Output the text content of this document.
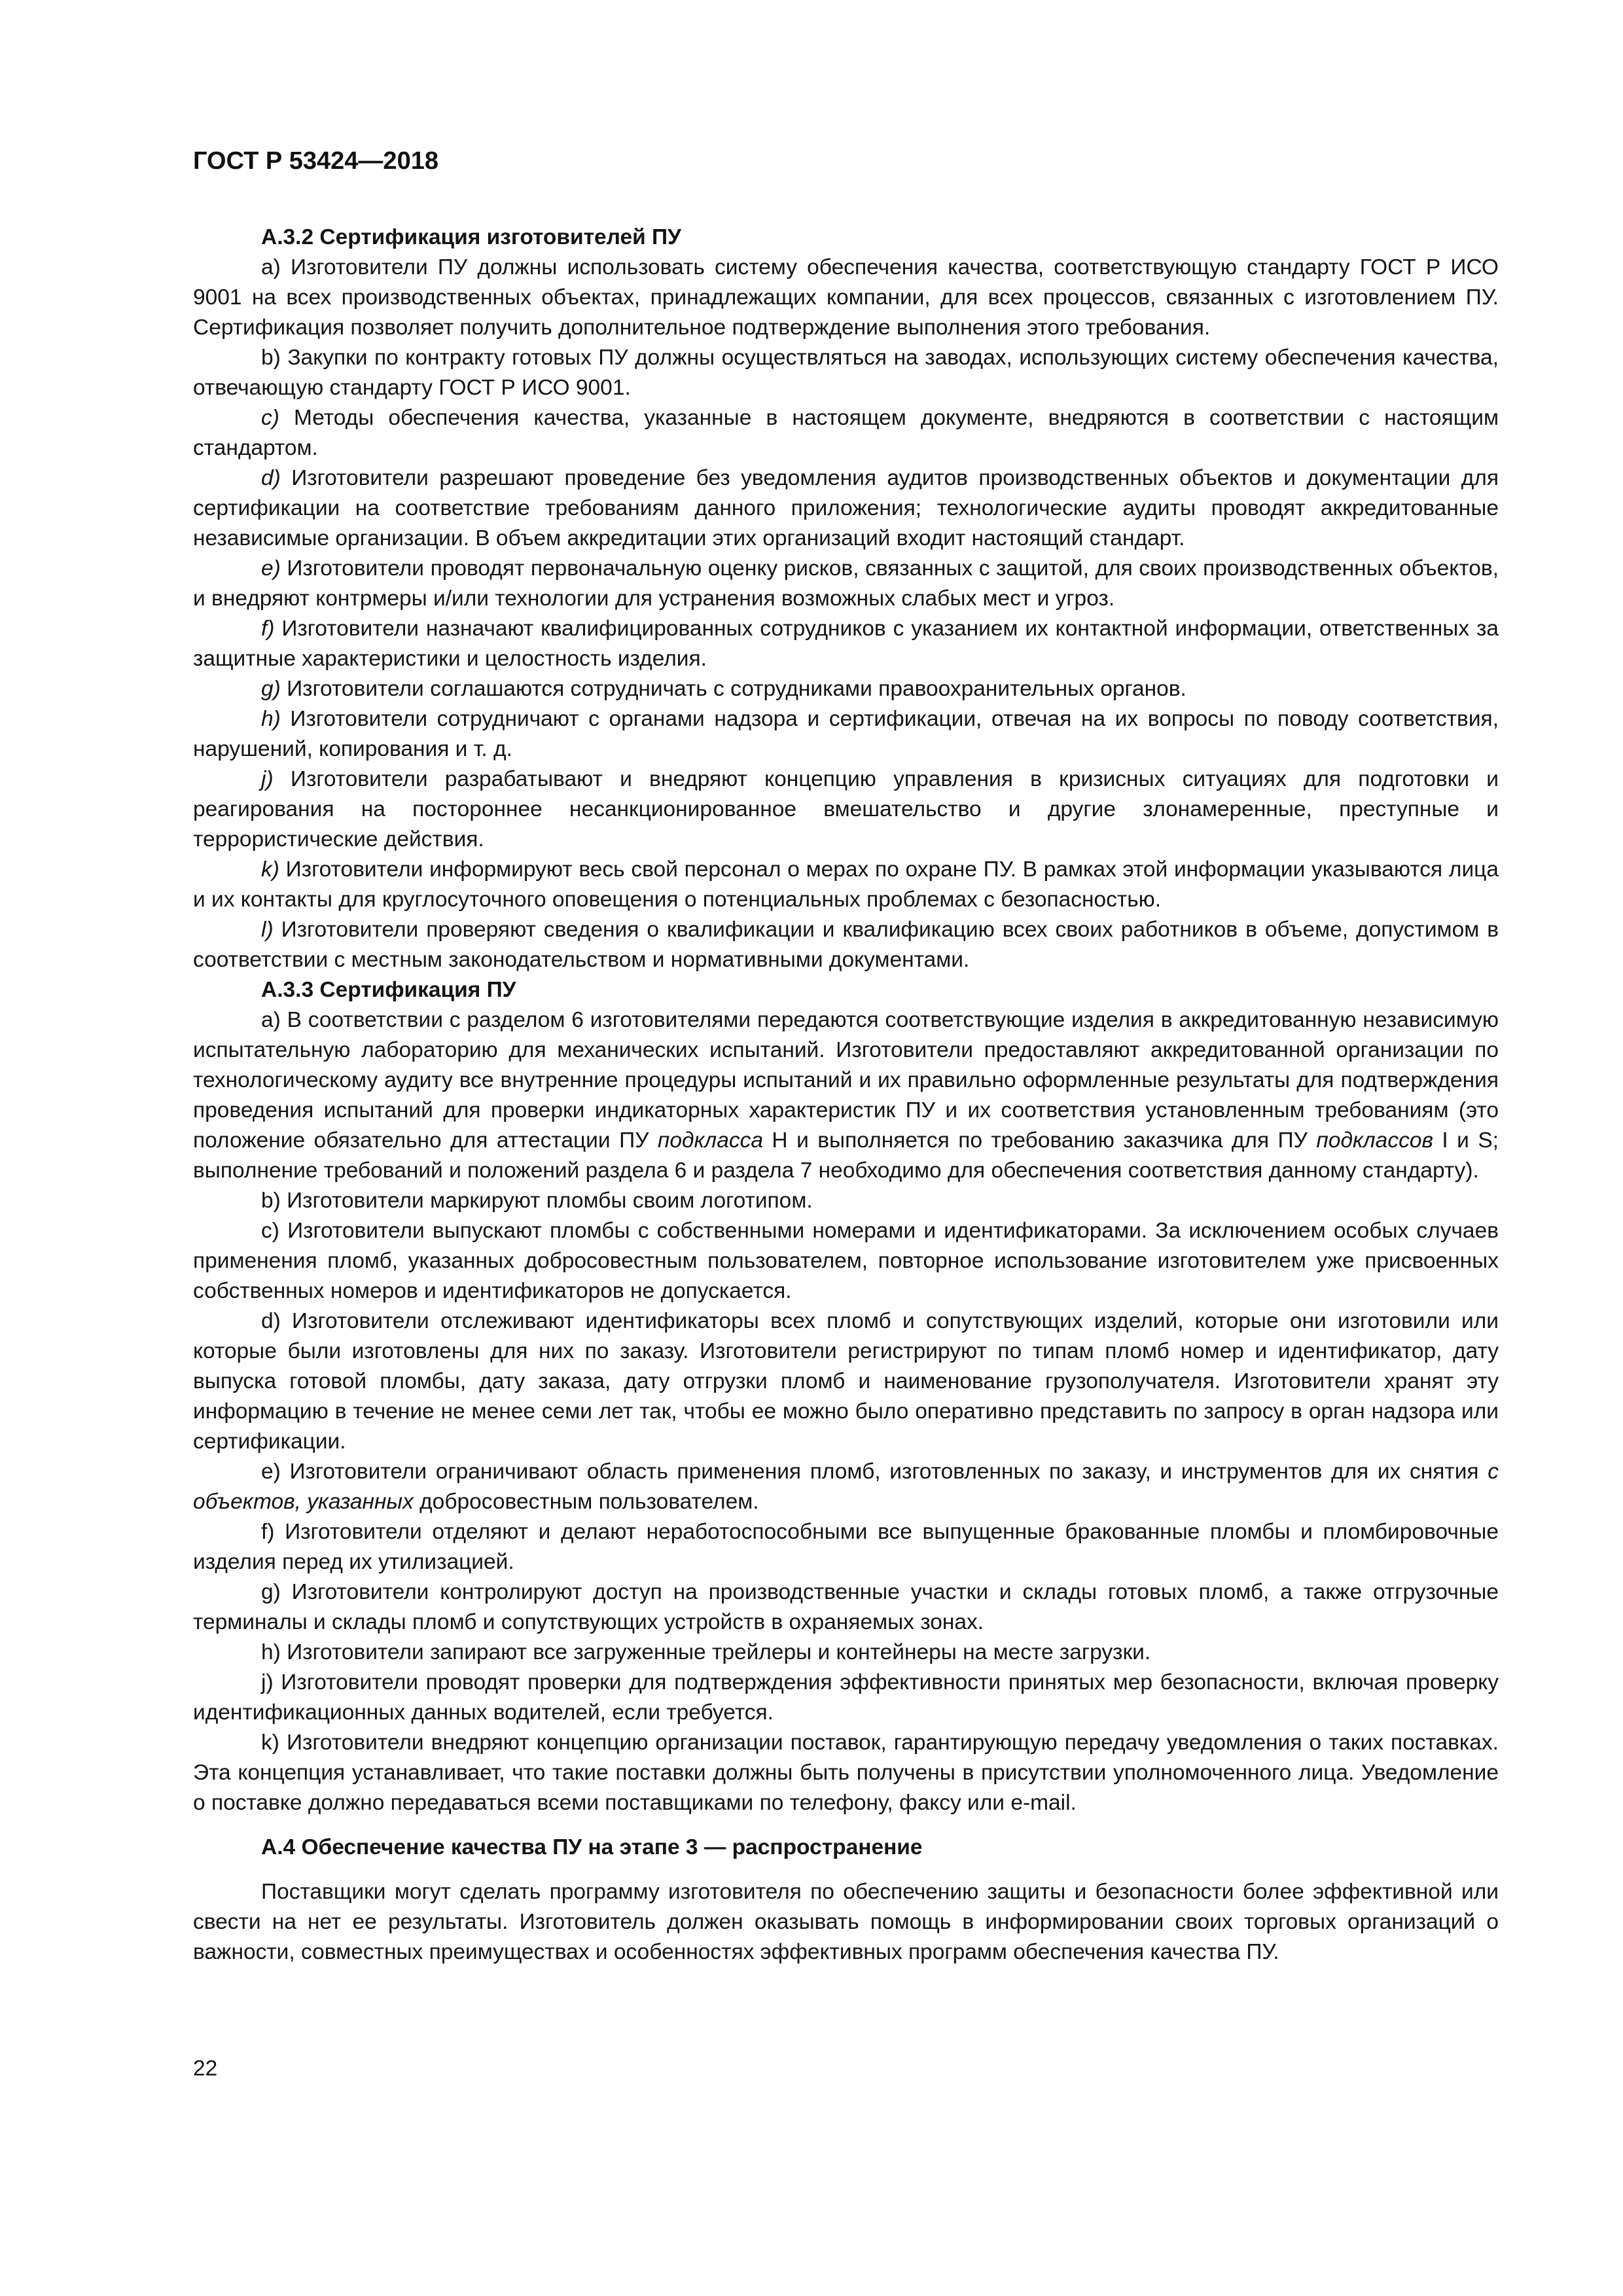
ГОСТ Р 53424—2018

А.3.2 Сертификация изготовителей ПУ

a) Изготовители ПУ должны использовать систему обеспечения качества, соответствующую стандарту ГОСТ Р ИСО 9001 на всех производственных объектах, принадлежащих компании, для всех процессов, связанных с изготовлением ПУ. Сертификация позволяет получить дополнительное подтверждение выполнения этого требования.

b) Закупки по контракту готовых ПУ должны осуществляться на заводах, использующих систему обеспечения качества, отвечающую стандарту ГОСТ Р ИСО 9001.

c) Методы обеспечения качества, указанные в настоящем документе, внедряются в соответствии с настоящим стандартом.

d) Изготовители разрешают проведение без уведомления аудитов производственных объектов и документации для сертификации на соответствие требованиям данного приложения; технологические аудиты проводят аккредитованные независимые организации. В объем аккредитации этих организаций входит настоящий стандарт.

e) Изготовители проводят первоначальную оценку рисков, связанных с защитой, для своих производственных объектов, и внедряют контрмеры и/или технологии для устранения возможных слабых мест и угроз.

f) Изготовители назначают квалифицированных сотрудников с указанием их контактной информации, ответственных за защитные характеристики и целостность изделия.

g) Изготовители соглашаются сотрудничать с сотрудниками правоохранительных органов.

h) Изготовители сотрудничают с органами надзора и сертификации, отвечая на их вопросы по поводу соответствия, нарушений, копирования и т. д.

j) Изготовители разрабатывают и внедряют концепцию управления в кризисных ситуациях для подготовки и реагирования на постороннее несанкционированное вмешательство и другие злонамеренные, преступные и террористические действия.

k) Изготовители информируют весь свой персонал о мерах по охране ПУ. В рамках этой информации указываются лица и их контакты для круглосуточного оповещения о потенциальных проблемах с безопасностью.

l) Изготовители проверяют сведения о квалификации и квалификацию всех своих работников в объеме, допустимом в соответствии с местным законодательством и нормативными документами.

А.3.3 Сертификация ПУ

а) В соответствии с разделом 6 изготовителями передаются соответствующие изделия в аккредитованную независимую испытательную лабораторию для механических испытаний. Изготовители предоставляют аккредитованной организации по технологическому аудиту все внутренние процедуры испытаний и их правильно оформленные результаты для подтверждения проведения испытаний для проверки индикаторных характеристик ПУ и их соответствия установленным требованиям (это положение обязательно для аттестации ПУ подкласса Н и выполняется по требованию заказчика для ПУ подклассов I и S; выполнение требований и положений раздела 6 и раздела 7 необходимо для обеспечения соответствия данному стандарту).

b) Изготовители маркируют пломбы своим логотипом.

c) Изготовители выпускают пломбы с собственными номерами и идентификаторами. За исключением особых случаев применения пломб, указанных добросовестным пользователем, повторное использование изготовителем уже присвоенных собственных номеров и идентификаторов не допускается.

d) Изготовители отслеживают идентификаторы всех пломб и сопутствующих изделий, которые они изготовили или которые были изготовлены для них по заказу. Изготовители регистрируют по типам пломб номер и идентификатор, дату выпуска готовой пломбы, дату заказа, дату отгрузки пломб и наименование грузополучателя. Изготовители хранят эту информацию в течение не менее семи лет так, чтобы ее можно было оперативно представить по запросу в орган надзора или сертификации.

е) Изготовители ограничивают область применения пломб, изготовленных по заказу, и инструментов для их снятия с объектов, указанных добросовестным пользователем.

f) Изготовители отделяют и делают неработоспособными все выпущенные бракованные пломбы и пломбировочные изделия перед их утилизацией.

g) Изготовители контролируют доступ на производственные участки и склады готовых пломб, а также отгрузочные терминалы и склады пломб и сопутствующих устройств в охраняемых зонах.

h) Изготовители запирают все загруженные трейлеры и контейнеры на месте загрузки.

j) Изготовители проводят проверки для подтверждения эффективности принятых мер безопасности, включая проверку идентификационных данных водителей, если требуется.

k) Изготовители внедряют концепцию организации поставок, гарантирующую передачу уведомления о таких поставках. Эта концепция устанавливает, что такие поставки должны быть получены в присутствии уполномоченного лица. Уведомление о поставке должно передаваться всеми поставщиками по телефону, факсу или e-mail.

А.4 Обеспечение качества ПУ на этапе 3 — распространение

Поставщики могут сделать программу изготовителя по обеспечению защиты и безопасности более эффективной или свести на нет ее результаты. Изготовитель должен оказывать помощь в информировании своих торговых организаций о важности, совместных преимуществах и особенностях эффективных программ обеспечения качества ПУ.

22
